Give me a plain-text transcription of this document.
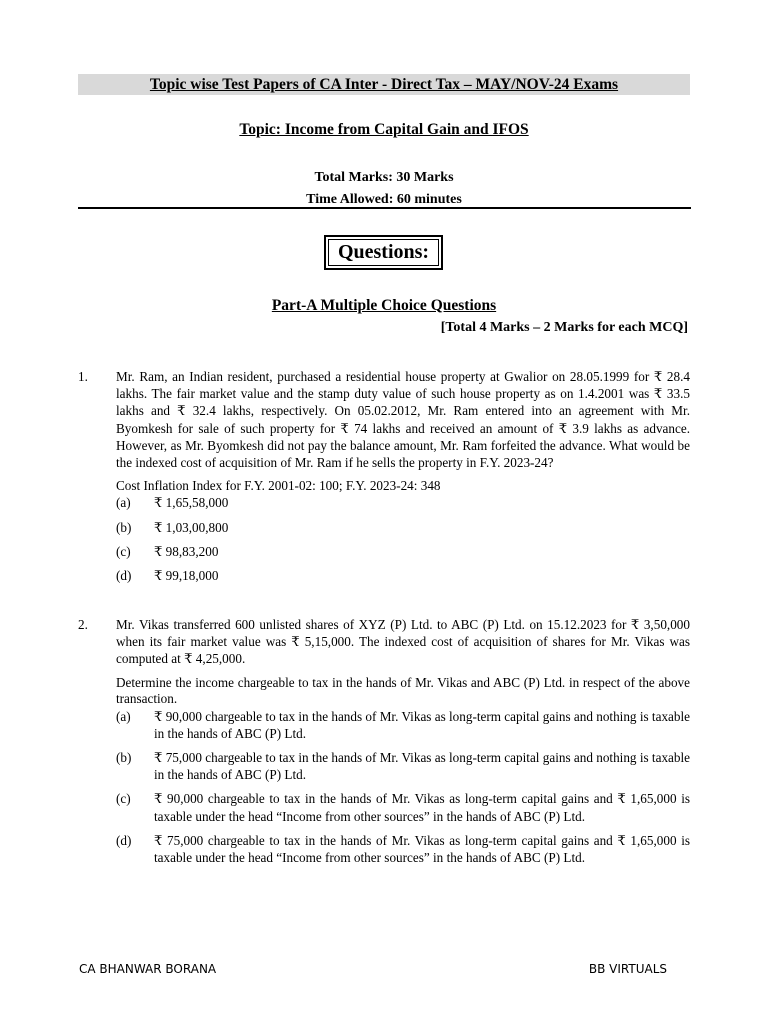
Topic wise Test Papers of CA Inter - Direct Tax – MAY/NOV-24 Exams
Topic: Income from Capital Gain and IFOS
Total Marks: 30 Marks
Time Allowed: 60 minutes
Questions:
Part-A Multiple Choice Questions
[Total 4 Marks – 2 Marks for each MCQ]
1. Mr. Ram, an Indian resident, purchased a residential house property at Gwalior on 28.05.1999 for ₹ 28.4 lakhs. The fair market value and the stamp duty value of such house property as on 1.4.2001 was ₹ 33.5 lakhs and ₹ 32.4 lakhs, respectively. On 05.02.2012, Mr. Ram entered into an agreement with Mr. Byomkesh for sale of such property for ₹ 74 lakhs and received an amount of ₹ 3.9 lakhs as advance. However, as Mr. Byomkesh did not pay the balance amount, Mr. Ram forfeited the advance. What would be the indexed cost of acquisition of Mr. Ram if he sells the property in F.Y. 2023-24?
Cost Inflation Index for F.Y. 2001-02: 100; F.Y. 2023-24: 348
(a) ₹ 1,65,58,000
(b) ₹ 1,03,00,800
(c) ₹ 98,83,200
(d) ₹ 99,18,000
2. Mr. Vikas transferred 600 unlisted shares of XYZ (P) Ltd. to ABC (P) Ltd. on 15.12.2023 for ₹ 3,50,000 when its fair market value was ₹ 5,15,000. The indexed cost of acquisition of shares for Mr. Vikas was computed at ₹ 4,25,000.
Determine the income chargeable to tax in the hands of Mr. Vikas and ABC (P) Ltd. in respect of the above transaction.
(a) ₹ 90,000 chargeable to tax in the hands of Mr. Vikas as long-term capital gains and nothing is taxable in the hands of ABC (P) Ltd.
(b) ₹ 75,000 chargeable to tax in the hands of Mr. Vikas as long-term capital gains and nothing is taxable in the hands of ABC (P) Ltd.
(c) ₹ 90,000 chargeable to tax in the hands of Mr. Vikas as long-term capital gains and ₹ 1,65,000 is taxable under the head “Income from other sources” in the hands of ABC (P) Ltd.
(d) ₹ 75,000 chargeable to tax in the hands of Mr. Vikas as long-term capital gains and ₹ 1,65,000 is taxable under the head “Income from other sources” in the hands of ABC (P) Ltd.
CA BHANWAR BORANA	BB VIRTUALS
